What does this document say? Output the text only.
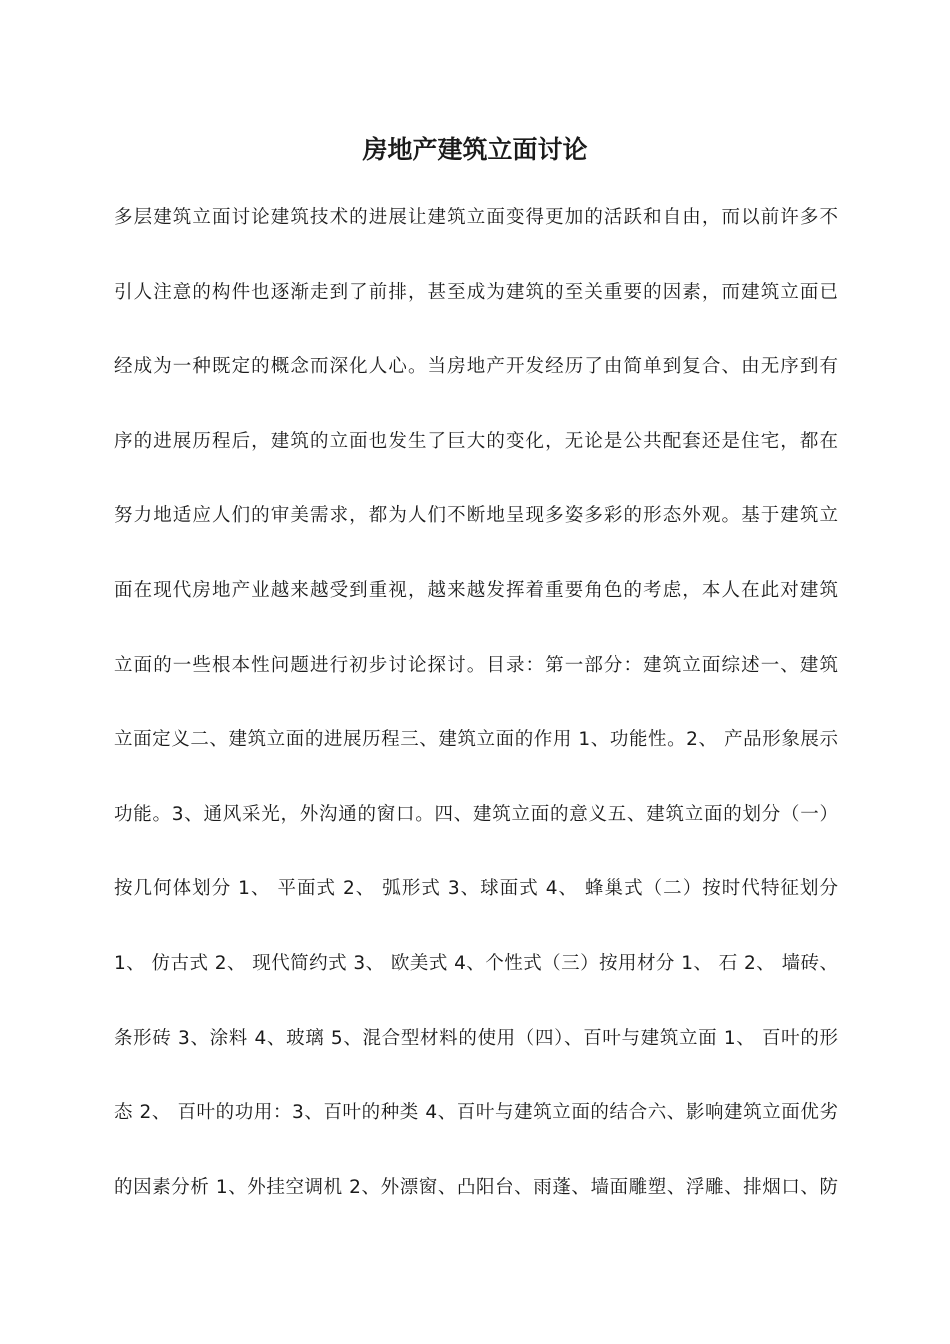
房地产建筑立面讨论
多层建筑立面讨论建筑技术的进展让建筑立面变得更加的活跃和自由，而以前许多不
引人注意的构件也逐渐走到了前排，甚至成为建筑的至关重要的因素，而建筑立面已
经成为一种既定的概念而深化人心。当房地产开发经历了由简单到复合、由无序到有
序的进展历程后，建筑的立面也发生了巨大的变化，无论是公共配套还是住宅，都在
努力地适应人们的审美需求，都为人们不断地呈现多姿多彩的形态外观。基于建筑立
面在现代房地产业越来越受到重视，越来越发挥着重要角色的考虑，本人在此对建筑
立面的一些根本性问题进行初步讨论探讨。目录：第一部分：建筑立面综述一、建筑
立面定义二、建筑立面的进展历程三、建筑立面的作用 1、功能性。2、 产品形象展示
功能。3、通风采光，外沟通的窗口。四、建筑立面的意义五、建筑立面的划分（一）
按几何体划分 1、 平面式 2、 弧形式 3、球面式 4、 蜂巢式（二）按时代特征划分
1、 仿古式 2、 现代简约式 3、 欧美式 4、个性式（三）按用材分 1、 石 2、 墙砖、
条形砖 3、涂料 4、玻璃 5、混合型材料的使用（四）、百叶与建筑立面 1、 百叶的形
态 2、 百叶的功用：3、百叶的种类 4、百叶与建筑立面的结合六、影响建筑立面优劣
的因素分析 1、外挂空调机 2、外漂窗、凸阳台、雨蓬、墙面雕塑、浮雕、排烟口、防
